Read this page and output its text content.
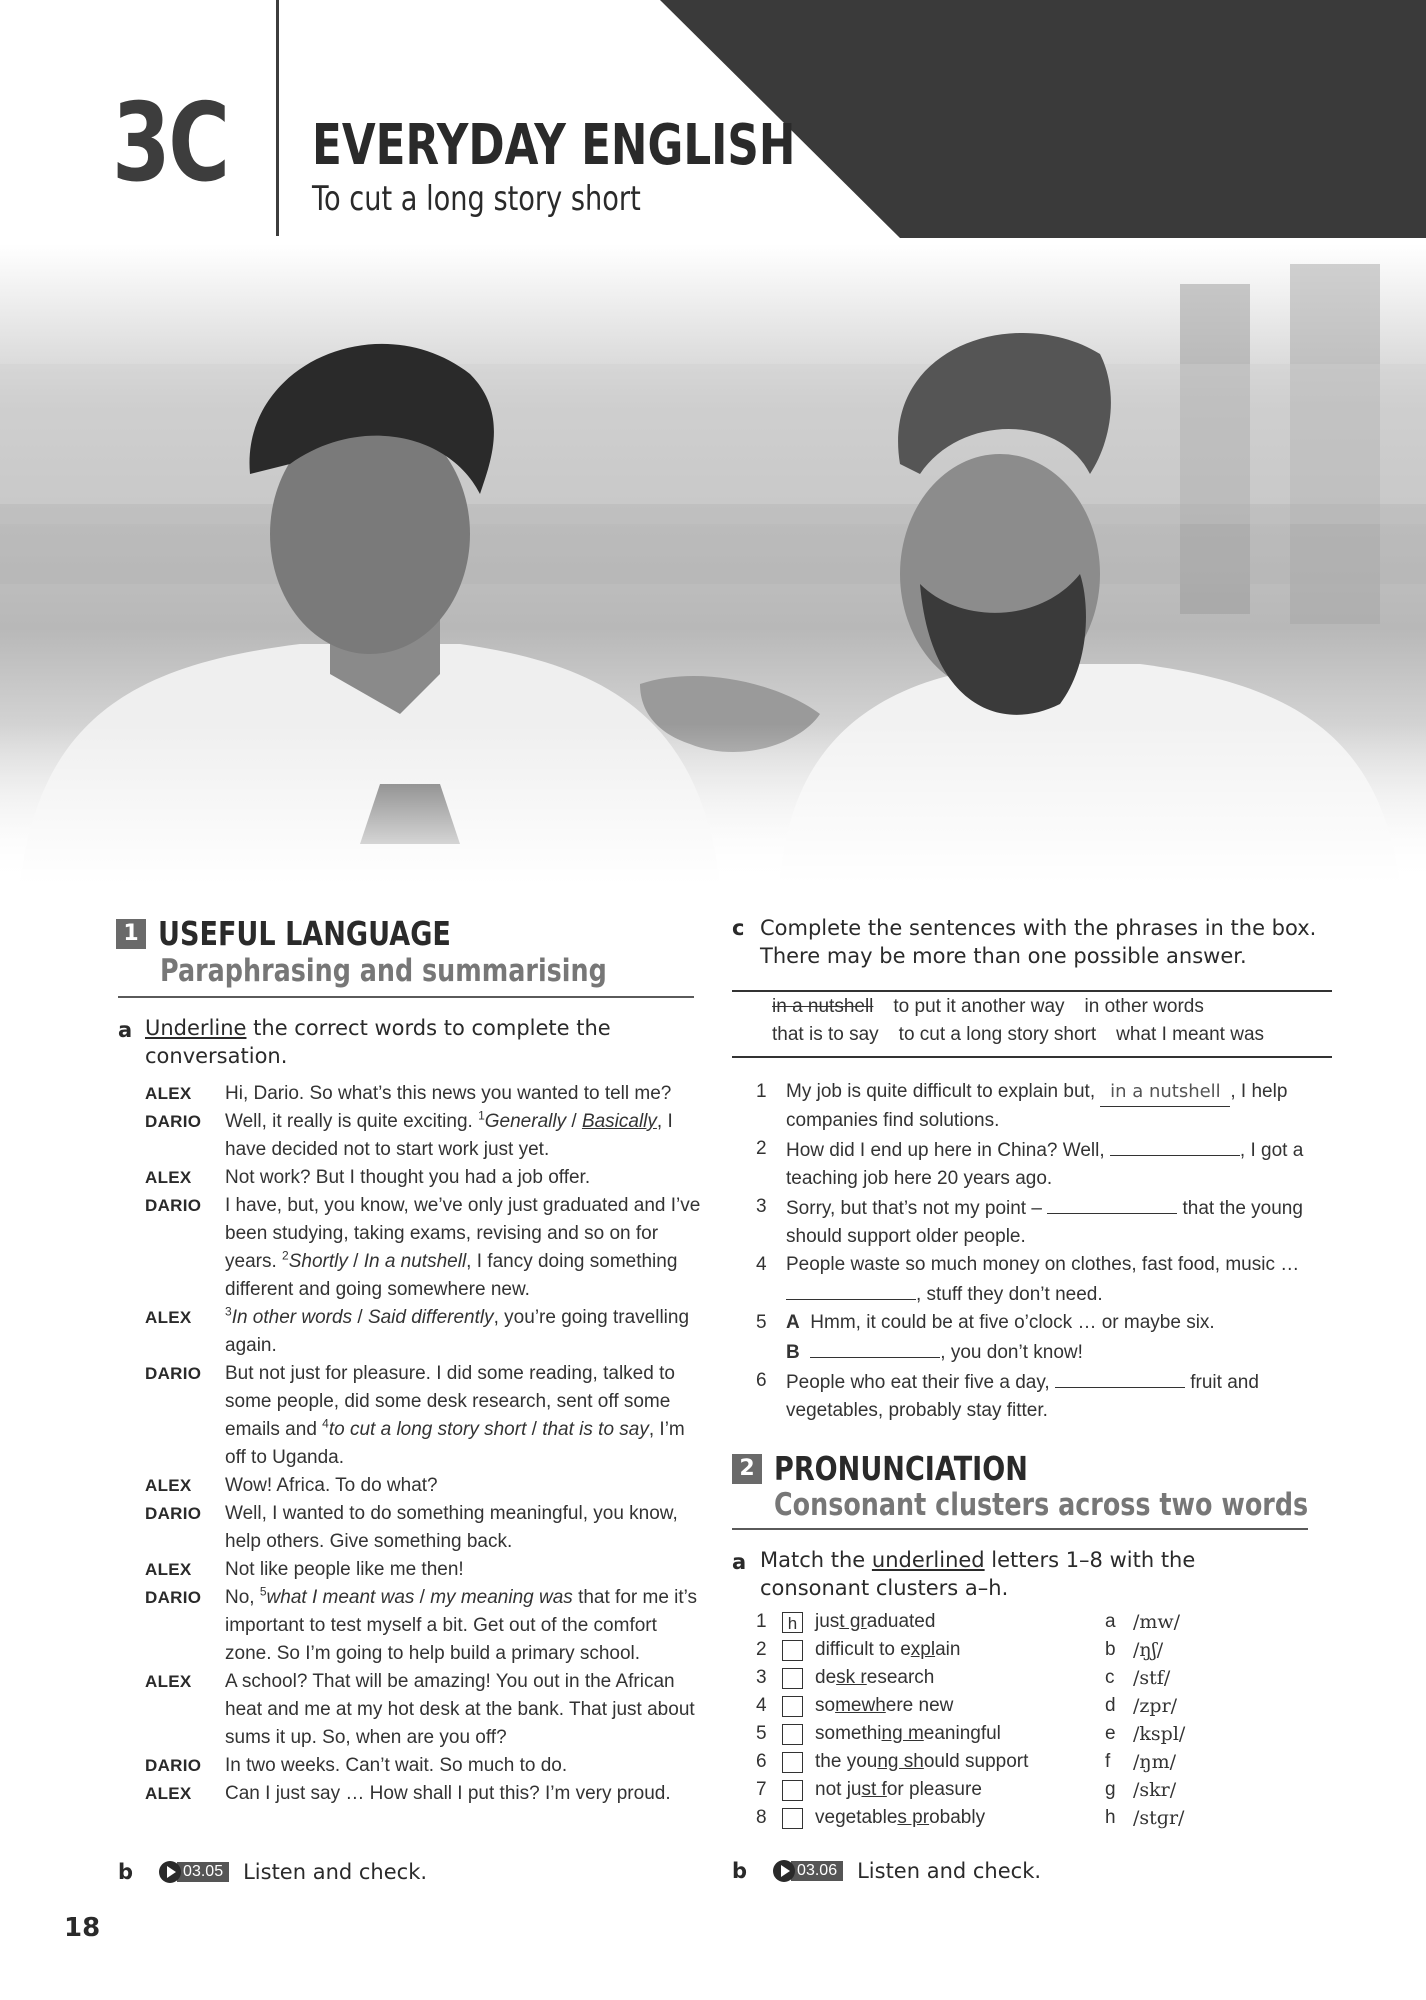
3C EVERYDAY ENGLISH
To cut a long story short
1 USEFUL LANGUAGE
Paraphrasing and summarising
a Underline the correct words to complete the conversation.
ALEX	Hi, Dario. So what’s this news you wanted to tell me?
DARIO	Well, it really is quite exciting. $^1$Generally / Basically, I have decided not to start work just yet.
ALEX	Not work? But I thought you had a job offer.
DARIO	I have, but, you know, we’ve only just graduated and I’ve been studying, taking exams, revising and so on for years. $^2$Shortly / In a nutshell, I fancy doing something different and going somewhere new.
ALEX	$^3$In other words / Said differently, you’re going travelling again.
DARIO	But not just for pleasure. I did some reading, talked to some people, did some desk research, sent off some emails and $^4$to cut a long story short / that is to say, I’m off to Uganda.
ALEX	Wow! Africa. To do what?
DARIO	Well, I wanted to do something meaningful, you know, help others. Give something back.
ALEX	Not like people like me then!
DARIO	No, $^5$what I meant was / my meaning was that for me it’s important to test myself a bit. Get out of the comfort zone. So I’m going to help build a primary school.
ALEX	A school? That will be amazing! You out in the African heat and me at my hot desk at the bank. That just about sums it up. So, when are you off?
DARIO	In two weeks. Can’t wait. So much to do.
ALEX	Can I just say … How shall I put this? I’m very proud.
b	03.05 Listen and check.
c Complete the sentences with the phrases in the box. There may be more than one possible answer.
in a nutshell to put it another way in other words
that is to say to cut a long story short what I meant was
1	My job is quite difficult to explain but, in a nutshell , I help companies find solutions.
2	How did I end up here in China? Well,	, I got a teaching job here 20 years ago.
3	Sorry, but that’s not my point –	that the young should support older people.
4	People waste so much money on clothes, fast food, music … , stuff they don’t need.
5	A  Hmm, it could be at five o’clock … or maybe six.
B	, you don’t know!
6	People who eat their five a day,	fruit and vegetables, probably stay fitter.
2 PRONUNCIATION
Consonant clusters across two words
a Match the underlined letters 1–8 with the consonant clusters a–h.
1	h just graduated	a /mw/
2	difficult to explain	b /ŋʃ/
3	desk research	c /stf/
4	somewhere new	d /zpr/
5	something meaningful	e /kspl/
6	the young should support	f	/ŋm/
7	not just for pleasure	g /skr/
8	vegetables probably	h /stɡr/
b	03.06 Listen and check.
18
